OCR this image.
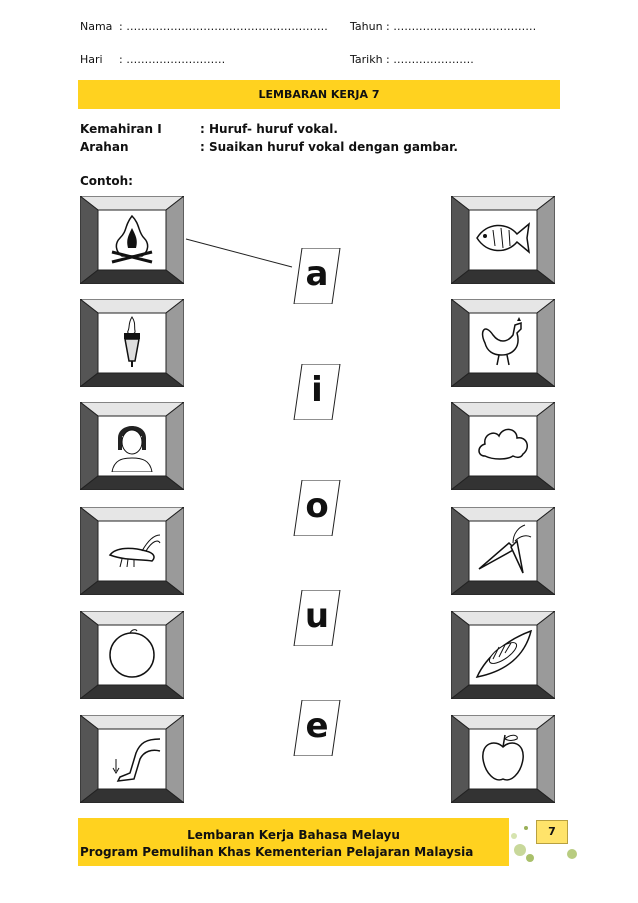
Nama : ………………………………………………. Tahun : …………………………………
Hari : ………………………	Tarikh : ………………….
LEMBARAN KERJA 7
Kemahiran I	: Huruf- huruf vokal.
Arahan	: Suaikan huruf vokal dengan gambar.
Contoh:
a
i
o
u
e
Lembaran Kerja Bahasa Melayu
Program Pemulihan Khas Kementerian Pelajaran Malaysia
7
